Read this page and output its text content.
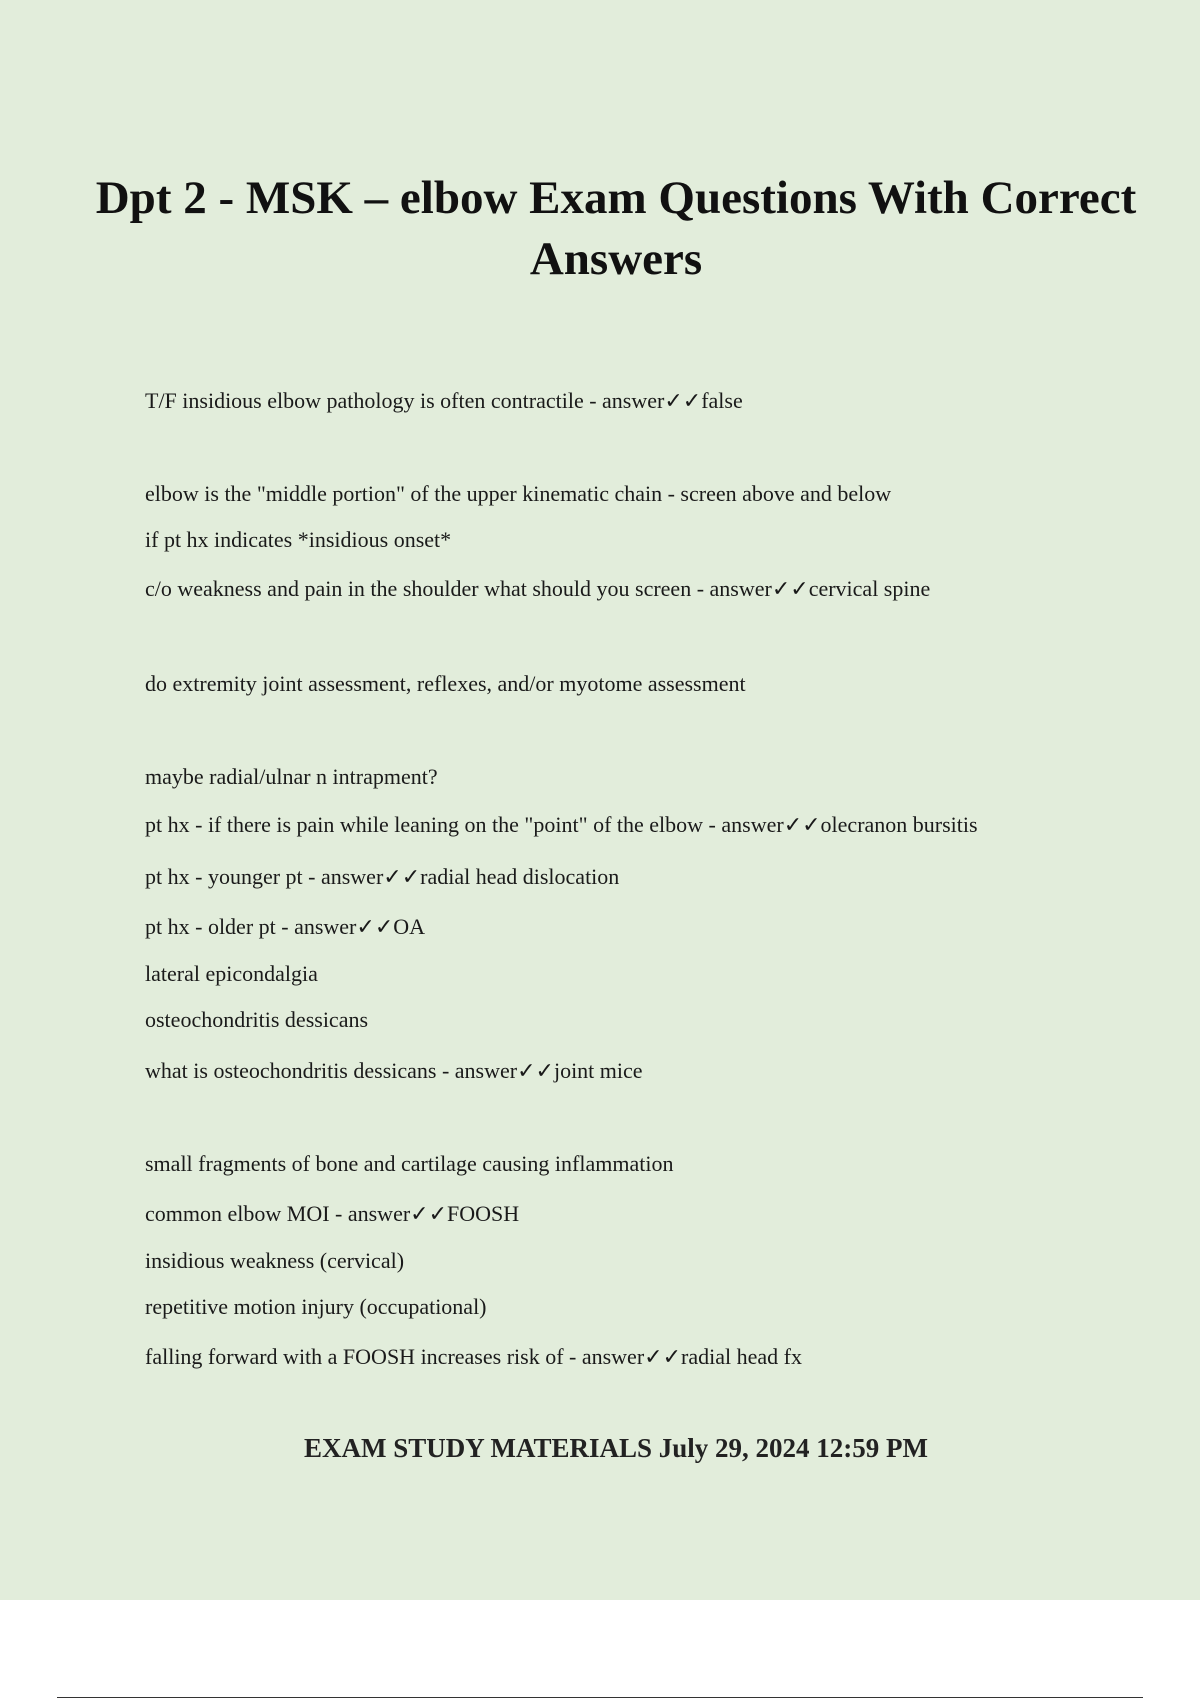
Dpt 2 - MSK – elbow Exam Questions With Correct Answers

T/F insidious elbow pathology is often contractile - answer✓✓false

elbow is the "middle portion" of the upper kinematic chain - screen above and below

if pt hx indicates *insidious onset*

c/o weakness and pain in the shoulder what should you screen - answer✓✓cervical spine

do extremity joint assessment, reflexes, and/or myotome assessment

maybe radial/ulnar n intrapment?

pt hx - if there is pain while leaning on the "point" of the elbow - answer✓✓olecranon bursitis

pt hx - younger pt - answer✓✓radial head dislocation

pt hx - older pt - answer✓✓OA

lateral epicondalgia

osteochondritis dessicans

what is osteochondritis dessicans - answer✓✓joint mice

small fragments of bone and cartilage causing inflammation

common elbow MOI - answer✓✓FOOSH

insidious weakness (cervical)

repetitive motion injury (occupational)

falling forward with a FOOSH increases risk of - answer✓✓radial head fx

EXAM STUDY MATERIALS July 29, 2024 12:59 PM
